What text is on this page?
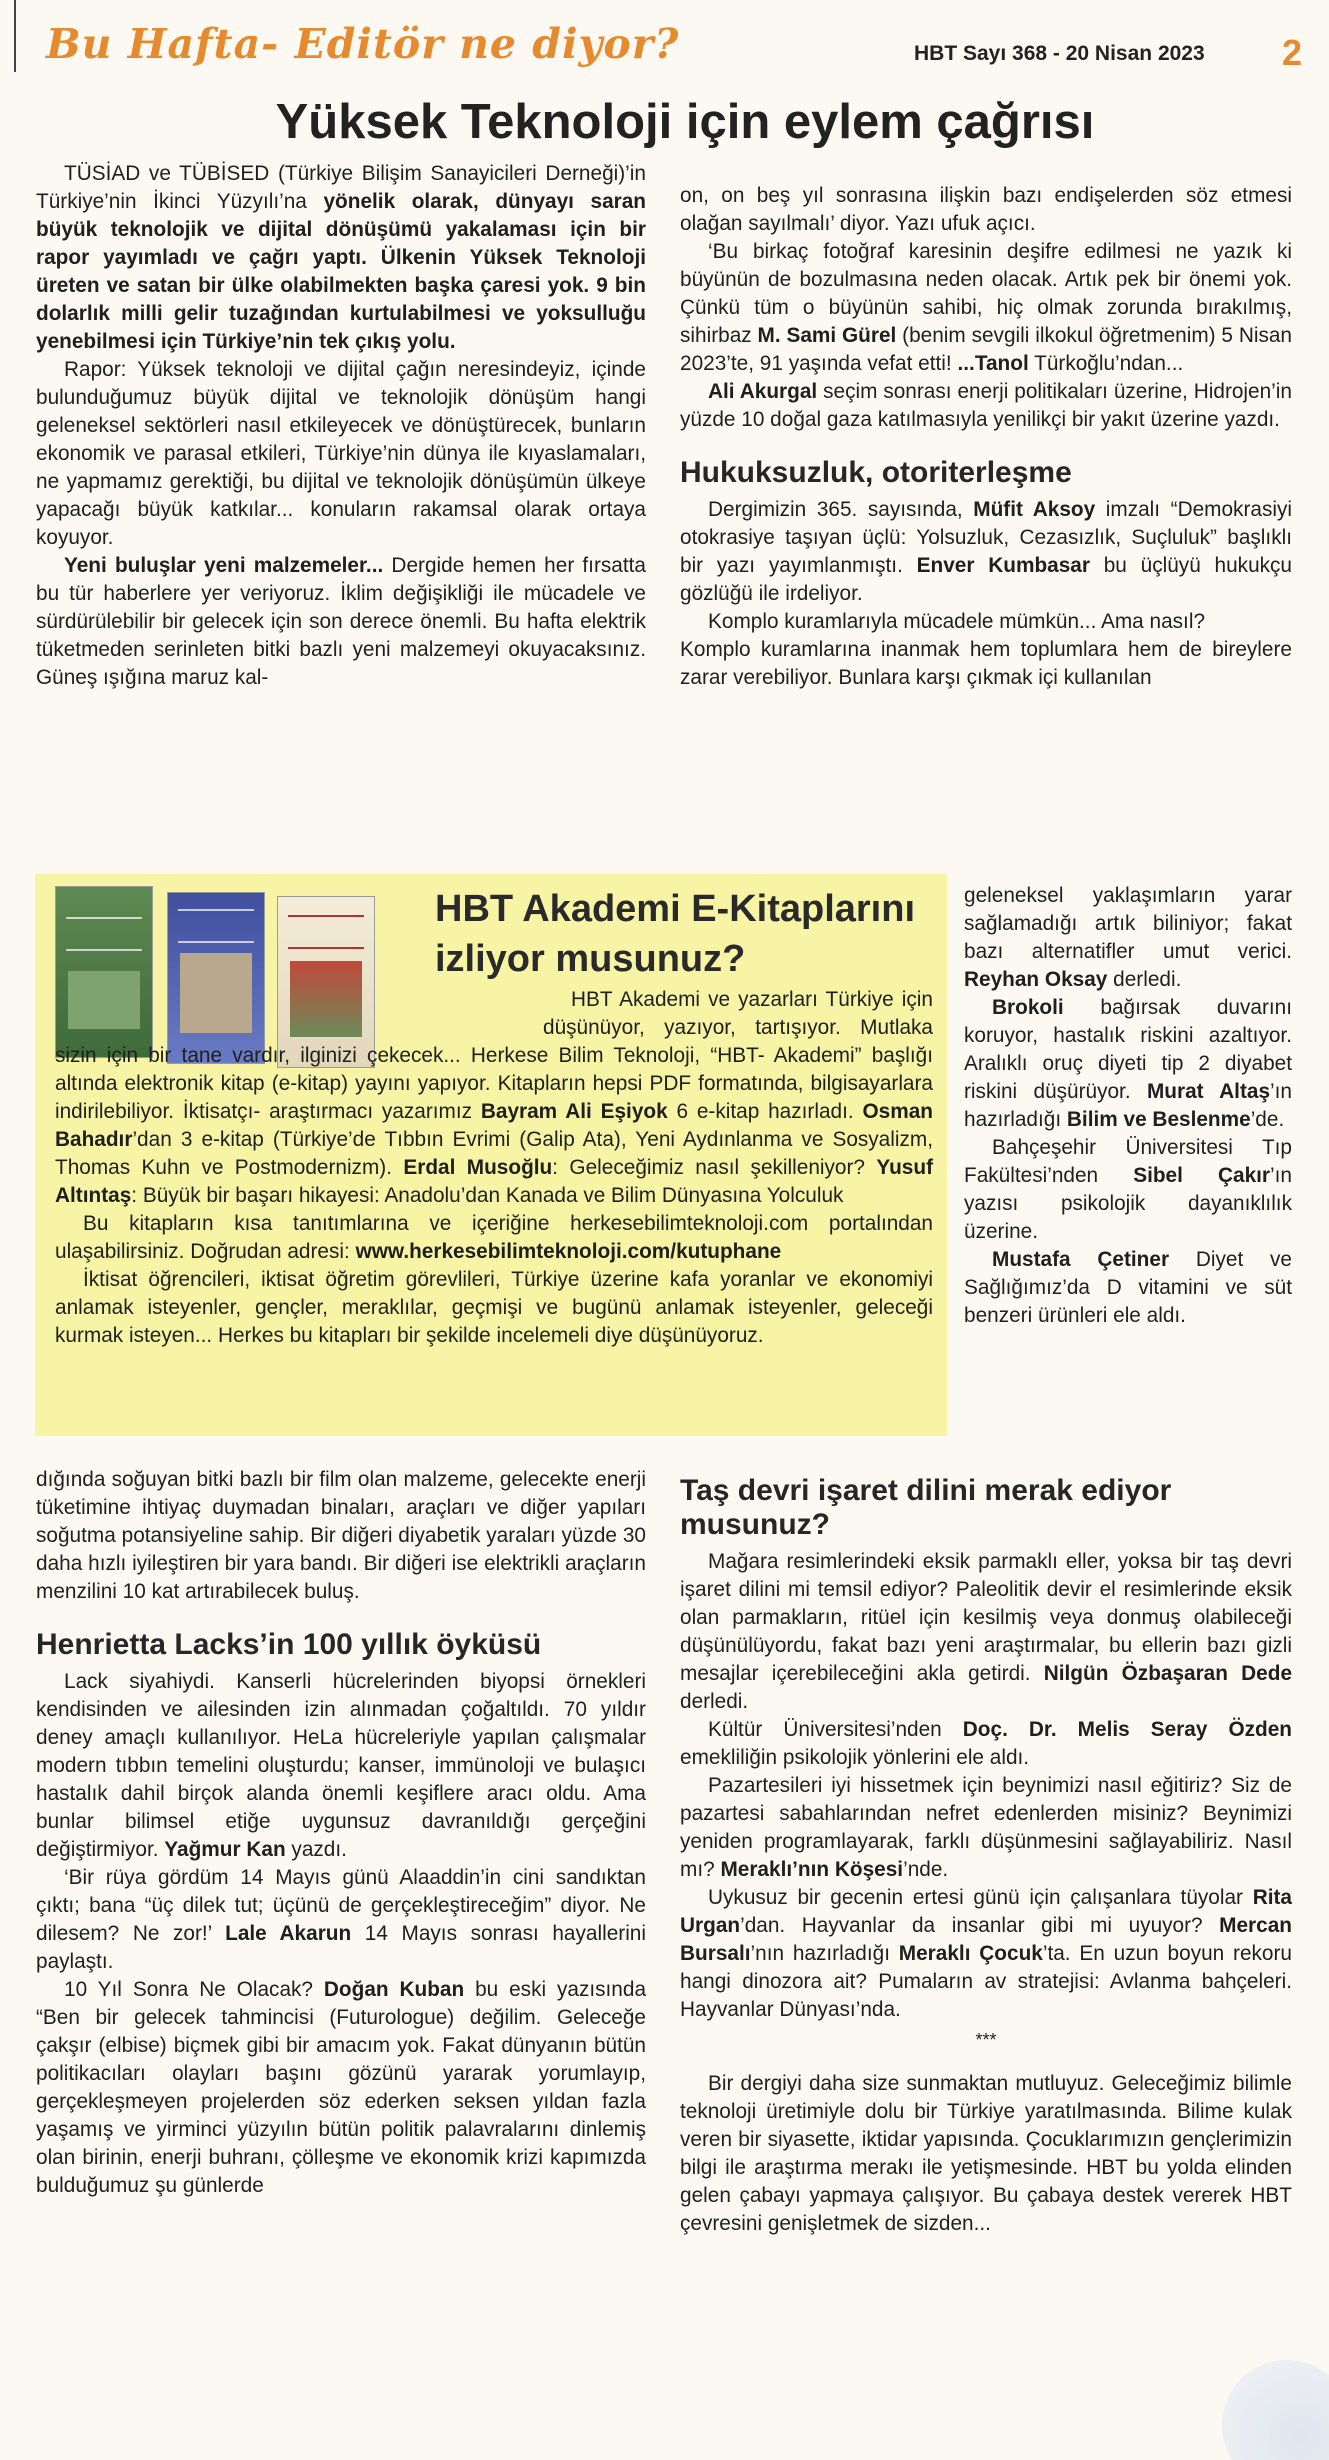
Bu Hafta- Editör ne diyor?	HBT Sayı 368 - 20 Nisan 2023 2
Yüksek Teknoloji için eylem çağrısı

TÜSİAD ve TÜBİSED (Türkiye Bilişim Sanayicileri Derneği)’in Türkiye’nin İkinci Yüzyılı’na yönelik olarak, dünyayı saran büyük teknolojik ve dijital dönüşümü yakalaması için bir rapor yayımladı ve çağrı yaptı. Ülkenin Yüksek Teknoloji üreten ve satan bir ülke olabilmekten başka çaresi yok. 9 bin dolarlık milli gelir tuzağından kurtulabilmesi ve yoksulluğu yenebilmesi için Türkiye’nin tek çıkış yolu.

Rapor: Yüksek teknoloji ve dijital çağın neresindeyiz, içinde bulunduğumuz büyük dijital ve teknolojik dönüşüm hangi geleneksel sektörleri nasıl etkileyecek ve dönüştürecek, bunların ekonomik ve parasal etkileri, Türkiye’nin dünya ile kıyaslamaları, ne yapmamız gerektiği, bu dijital ve teknolojik dönüşümün ülkeye yapacağı büyük katkılar... konuların rakamsal olarak ortaya koyuyor.

Yeni buluşlar yeni malzemeler... Dergide hemen her fırsatta bu tür haberlere yer veriyoruz. İklim değişikliği ile mücadele ve sürdürülebilir bir gelecek için son derece önemli. Bu hafta elektrik tüketmeden serinleten bitki bazlı yeni malzemeyi okuyacaksınız. Güneş ışığına maruz kal-

on, on beş yıl sonrasına ilişkin bazı endişelerden söz etmesi olağan sayılmalı’ diyor. Yazı ufuk açıcı.

‘Bu birkaç fotoğraf karesinin deşifre edilmesi ne yazık ki büyünün de bozulmasına neden olacak. Artık pek bir önemi yok. Çünkü tüm o büyünün sahibi, hiç olmak zorunda bırakılmış, sihirbaz M. Sami Gürel (benim sevgili ilkokul öğretmenim) 5 Nisan 2023’te, 91 yaşında vefat etti! ...Tanol Türkoğlu’ndan...

Ali Akurgal seçim sonrası enerji politikaları üzerine, Hidrojen’in yüzde 10 doğal gaza katılmasıyla yenilikçi bir yakıt üzerine yazdı.

Hukuksuzluk, otoriterleşme

Dergimizin 365. sayısında, Müfit Aksoy imzalı “Demokrasiyi otokrasiye taşıyan üçlü: Yolsuzluk, Cezasızlık, Suçluluk” başlıklı bir yazı yayımlanmıştı. Enver Kumbasar bu üçlüyü hukukçu gözlüğü ile irdeliyor.

Komplo kuramlarıyla mücadele mümkün... Ama nasıl?

Komplo kuramlarına inanmak hem toplumlara hem de bireylere zarar verebiliyor. Bunlara karşı çıkmak içi kullanılan

HBT Akademi E-Kitaplarını izliyor musunuz?

HBT Akademi ve yazarları Türkiye için düşünüyor, yazıyor, tartışıyor. Mutlaka sizin için bir tane vardır, ilginizi çekecek... Herkese Bilim Teknoloji, “HBT- Akademi” başlığı altında elektronik kitap (e-kitap) yayını yapıyor. Kitapların hepsi PDF formatında, bilgisayarlara indirilebiliyor. İktisatçı- araştırmacı yazarımız Bayram Ali Eşiyok 6 e-kitap hazırladı. Osman Bahadır’dan 3 e-kitap (Türkiye’de Tıbbın Evrimi (Galip Ata), Yeni Aydınlanma ve Sosyalizm, Thomas Kuhn ve Postmodernizm). Erdal Musoğlu: Geleceğimiz nasıl şekilleniyor? Yusuf Altıntaş: Büyük bir başarı hikayesi: Anadolu’dan Kanada ve Bilim Dünyasına Yolculuk

Bu kitapların kısa tanıtımlarına ve içeriğine herkesebilimteknoloji.com portalından ulaşabilirsiniz. Doğrudan adresi: www.herkesebilimteknoloji.com/kutuphane

İktisat öğrencileri, iktisat öğretim görevlileri, Türkiye üzerine kafa yoranlar ve ekonomiyi anlamak isteyenler, gençler, meraklılar, geçmişi ve bugünü anlamak isteyenler, geleceği kurmak isteyen... Herkes bu kitapları bir şekilde incelemeli diye düşünüyoruz.

geleneksel yaklaşımların yarar sağlamadığı artık biliniyor; fakat bazı alternatifler umut verici. Reyhan Oksay derledi.

Brokoli bağırsak duvarını koruyor, hastalık riskini azaltıyor. Aralıklı oruç diyeti tip 2 diyabet riskini düşürüyor. Murat Altaş’ın hazırladığı Bilim ve Beslenme’de.

Bahçeşehir Üniversitesi Tıp Fakültesi’nden Sibel Çakır’ın yazısı psikolojik dayanıklılık üzerine.

Mustafa Çetiner Diyet ve Sağlığımız’da D vitamini ve süt benzeri ürünleri ele aldı.

dığında soğuyan bitki bazlı bir film olan malzeme, gelecekte enerji tüketimine ihtiyaç duymadan binaları, araçları ve diğer yapıları soğutma potansiyeline sahip. Bir diğeri diyabetik yaraları yüzde 30 daha hızlı iyileştiren bir yara bandı. Bir diğeri ise elektrikli araçların menzilini 10 kat artırabilecek buluş.

Henrietta Lacks’in 100 yıllık öyküsü

Lack siyahiydi. Kanserli hücrelerinden biyopsi örnekleri kendisinden ve ailesinden izin alınmadan çoğaltıldı. 70 yıldır deney amaçlı kullanılıyor. HeLa hücreleriyle yapılan çalışmalar modern tıbbın temelini oluşturdu; kanser, immünoloji ve bulaşıcı hastalık dahil birçok alanda önemli keşiflere aracı oldu. Ama bunlar bilimsel etiğe uygunsuz davranıldığı gerçeğini değiştirmiyor. Yağmur Kan yazdı.

‘Bir rüya gördüm 14 Mayıs günü Alaaddin’in cini sandıktan çıktı; bana “üç dilek tut; üçünü de gerçekleştireceğim” diyor. Ne dilesem? Ne zor!’ Lale Akarun 14 Mayıs sonrası hayallerini paylaştı.

10 Yıl Sonra Ne Olacak? Doğan Kuban bu eski yazısında “Ben bir gelecek tahmincisi (Futurologue) değilim. Geleceğe çakşır (elbise) biçmek gibi bir amacım yok. Fakat dünyanın bütün politikacıları olayları başını gözünü yararak yorumlayıp, gerçekleşmeyen projelerden söz ederken seksen yıldan fazla yaşamış ve yirminci yüzyılın bütün politik palavralarını dinlemiş olan birinin, enerji buhranı, çölleşme ve ekonomik krizi kapımızda bulduğumuz şu günlerde

Taş devri işaret dilini merak ediyor musunuz?

Mağara resimlerindeki eksik parmaklı eller, yoksa bir taş devri işaret dilini mi temsil ediyor? Paleolitik devir el resimlerinde eksik olan parmakların, ritüel için kesilmiş veya donmuş olabileceği düşünülüyordu, fakat bazı yeni araştırmalar, bu ellerin bazı gizli mesajlar içerebileceğini akla getirdi. Nilgün Özbaşaran Dede derledi.

Kültür Üniversitesi’nden Doç. Dr. Melis Seray Özden emekliliğin psikolojik yönlerini ele aldı.

Pazartesileri iyi hissetmek için beynimizi nasıl eğitiriz? Siz de pazartesi sabahlarından nefret edenlerden misiniz? Beynimizi yeniden programlayarak, farklı düşünmesini sağlayabiliriz. Nasıl mı? Meraklı’nın Köşesi’nde.

Uykusuz bir gecenin ertesi günü için çalışanlara tüyolar Rita Urgan’dan. Hayvanlar da insanlar gibi mi uyuyor? Mercan Bursalı’nın hazırladığı Meraklı Çocuk’ta. En uzun boyun rekoru hangi dinozora ait? Pumaların av stratejisi: Avlanma bahçeleri. Hayvanlar Dünyası’nda.

***

Bir dergiyi daha size sunmaktan mutluyuz. Geleceğimiz bilimle teknoloji üretimiyle dolu bir Türkiye yaratılmasında. Bilime kulak veren bir siyasette, iktidar yapısında. Çocuklarımızın gençlerimizin bilgi ile araştırma merakı ile yetişmesinde. HBT bu yolda elinden gelen çabayı yapmaya çalışıyor. Bu çabaya destek vererek HBT çevresini genişletmek de sizden...
